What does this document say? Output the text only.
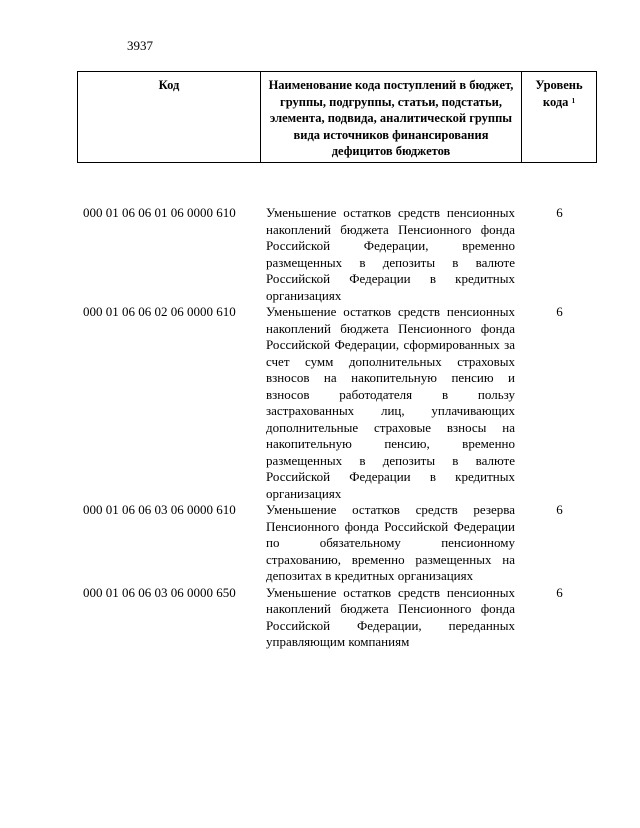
3937
Код	Наименование кода поступлений в бюджет, группы, подгруппы, статьи, подстатьи, элемента, подвида, аналитической группы вида источников финансирования дефицитов бюджетов	Уровень кода $^1$
000 01 06 06 01 06 0000 610	Уменьшение остатков средств пенсионных накоплений бюджета Пенсионного фонда Российской Федерации, временно размещенных в депозиты в валюте Российской Федерации в кредитных организациях	6
000 01 06 06 02 06 0000 610	Уменьшение остатков средств пенсионных накоплений бюджета Пенсионного фонда Российской Федерации, сформированных за счет сумм дополнительных страховых взносов на накопительную пенсию и взносов работодателя в пользу застрахованных лиц, уплачивающих дополнительные страховые взносы на накопительную пенсию, временно размещенных в депозиты в валюте Российской Федерации в кредитных организациях	6
000 01 06 06 03 06 0000 610	Уменьшение остатков средств резерва Пенсионного фонда Российской Федерации по обязательному пенсионному страхованию, временно размещенных на депозитах в кредитных организациях	6
000 01 06 06 03 06 0000 650	Уменьшение остатков средств пенсионных накоплений бюджета Пенсионного фонда Российской Федерации, переданных управляющим компаниям	6
